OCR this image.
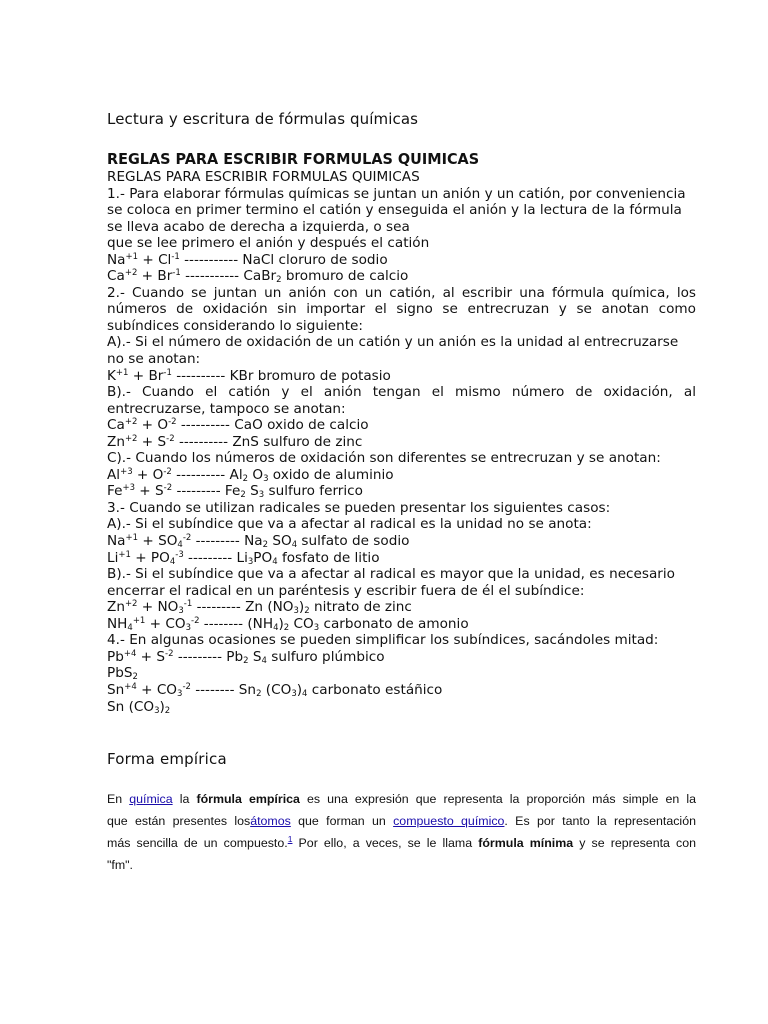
Lectura y escritura de fórmulas químicas
REGLAS PARA ESCRIBIR FORMULAS QUIMICAS
REGLAS PARA ESCRIBIR FORMULAS QUIMICAS
1.- Para elaborar fórmulas químicas se juntan un anión y un catión, por conveniencia
se coloca en primer termino el catión y enseguida el anión y la lectura de la fórmula
se lleva acabo de derecha a izquierda, o sea
que se lee primero el anión y después el catión
$Na^{+1} + Cl^{-1}$ ----------- NaCl cloruro de sodio
$Ca^{+2} + Br^{-1}$ ----------- CaBr$_2$ bromuro de calcio
2.- Cuando se juntan un anión con un catión, al escribir una fórmula química, los
números de oxidación sin importar el signo se entrecruzan y se anotan como
subíndices considerando lo siguiente:
A).- Si el número de oxidación de un catión y un anión es la unidad al entrecruzarse
no se anotan:
$K^{+1} + Br^{-1}$ ---------- KBr bromuro de potasio
B).- Cuando el catión y el anión tengan el mismo número de oxidación, al
entrecruzarse, tampoco se anotan:
$Ca^{+2} + O^{-2}$ ---------- CaO oxido de calcio
$Zn^{+2} + S^{-2}$ ---------- ZnS sulfuro de zinc
C).- Cuando los números de oxidación son diferentes se entrecruzan y se anotan:
$Al^{+3} + O^{-2}$ ---------- $Al_2$ $O_3$ oxido de aluminio
$Fe^{+3} + S^{-2}$ --------- $Fe_2$ $S_3$ sulfuro ferrico
3.- Cuando se utilizan radicales se pueden presentar los siguientes casos:
A).- Si el subíndice que va a afectar al radical es la unidad no se anota:
$Na^{+1} + SO_4^{-2}$ --------- $Na_2$ $SO_4$ sulfato de sodio
$Li^{+1} + PO_4^{-3}$ --------- $Li_3PO_4$ fosfato de litio
B).- Si el subíndice que va a afectar al radical es mayor que la unidad, es necesario
encerrar el radical en un paréntesis y escribir fuera de él el subíndice:
$Zn^{+2} + NO_3^{-1}$ --------- Zn $(NO_3)_2$ nitrato de zinc
$NH_4^{+1} + CO_3^{-2}$ -------- $(NH_4)_2$ $CO_3$ carbonato de amonio
4.- En algunas ocasiones se pueden simplificar los subíndices, sacándoles mitad:
$Pb^{+4} + S^{-2}$ --------- $Pb_2$ $S_4$ sulfuro plúmbico
PbS$_2$
$Sn^{+4} + CO_3^{-2}$ -------- $Sn_2$ $(CO_3)_4$ carbonato estáñico
Sn $(CO_3)_2$
Forma empírica
En química la fórmula empírica es una expresión que representa la proporción más simple en la
que están presentes losátomos que forman un compuesto químico. Es por tanto la representación
más sencilla de un compuesto.$^1$ Por ello, a veces, se le llama fórmula mínima y se representa con
"fm".
